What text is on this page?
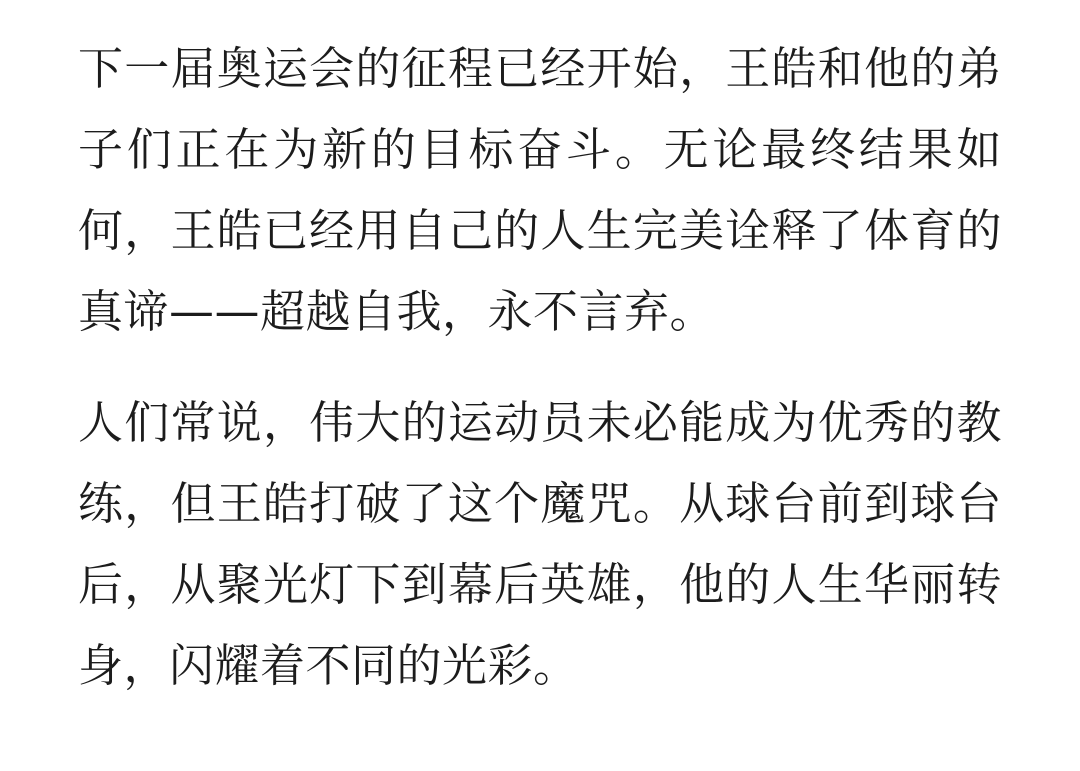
下一届奥运会的征程已经开始，王皓和他的弟子们正在为新的目标奋斗。无论最终结果如何，王皓已经用自己的人生完美诠释了体育的真谛——超越自我，永不言弃。

人们常说，伟大的运动员未必能成为优秀的教练，但王皓打破了这个魔咒。从球台前到球台后，从聚光灯下到幕后英雄，他的人生华丽转身，闪耀着不同的光彩。
